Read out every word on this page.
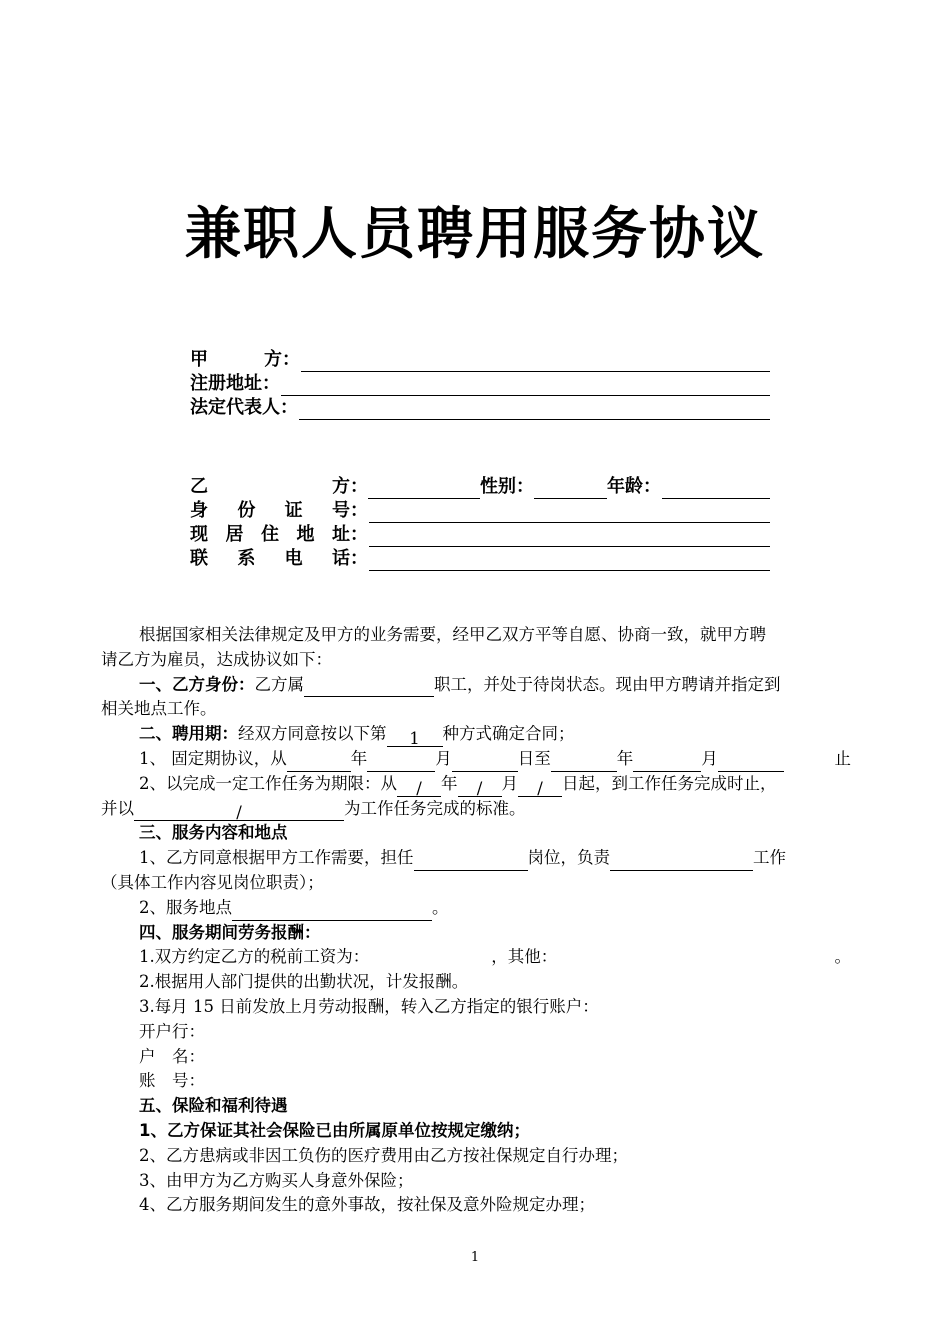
兼职人员聘用服务协议
甲	方：
注册地址：
法定代表人：
乙	方：	性别：	年龄：
身 份 证 号：
现 居 住 地 址：
联 系 电 话：
根据国家相关法律规定及甲方的业务需要，经甲乙双方平等自愿、协商一致，就甲方聘
请乙方为雇员，达成协议如下：
一、乙方身份：乙方属	职工，并处于待岗状态。现由甲方聘请并指定到
相关地点工作。
二、聘用期：经双方同意按以下第 1 种方式确定合同；
1、 固定期协议，从	年	月	日至	年	月	止
2、以完成一定工作任务为期限：从 / 年 / 月 / 日起，到工作任务完成时止，
并以	/	为工作任务完成的标准。
三、服务内容和地点
1、乙方同意根据甲方工作需要，担任	岗位，负责	工作
（具体工作内容见岗位职责）；
2、服务地点	。
四、服务期间劳务报酬：
1.双方约定乙方的税前工资为：	，其他：	。
2.根据用人部门提供的出勤状况，计发报酬。
3.每月 15 日前发放上月劳动报酬，转入乙方指定的银行账户：
开户行：
户　名：
账　号：
五、保险和福利待遇
1、乙方保证其社会保险已由所属原单位按规定缴纳；
2、乙方患病或非因工负伤的医疗费用由乙方按社保规定自行办理；
3、由甲方为乙方购买人身意外保险；
4、乙方服务期间发生的意外事故，按社保及意外险规定办理；
1
